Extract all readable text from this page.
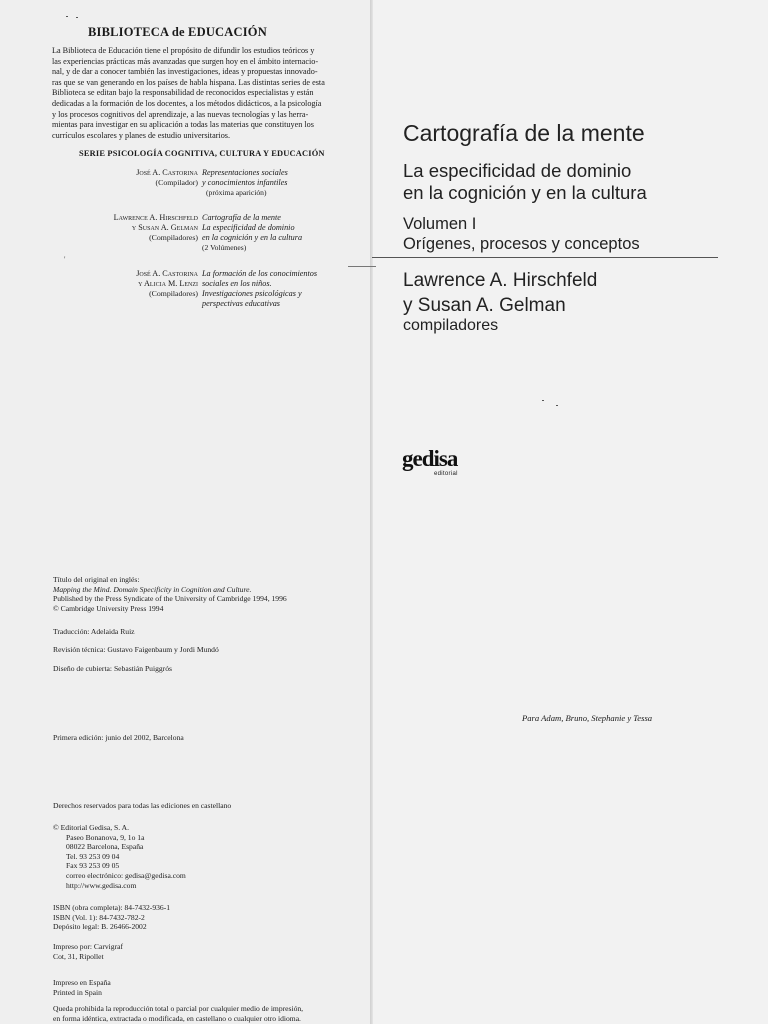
BIBLIOTECA de EDUCACIÓN
La Biblioteca de Educación tiene el propósito de difundir los estudios teóricos y
las experiencias prácticas más avanzadas que surgen hoy en el ámbito internacio-
nal, y de dar a conocer también las investigaciones, ideas y propuestas innovado-
ras que se van generando en los países de habla hispana. Las distintas series de esta
Biblioteca se editan bajo la responsabilidad de reconocidos especialistas y están
dedicadas a la formación de los docentes, a los métodos didácticos, a la psicología
y los procesos cognitivos del aprendizaje, a las nuevas tecnologías y las herra-
mientas para investigar en su aplicación a todas las materias que constituyen los
currículos escolares y planes de estudio universitarios.
SERIE PSICOLOGÍA COGNITIVA, CULTURA Y EDUCACIÓN
José A. Castorina
(Compilador)
Representaciones sociales
y conocimientos infantiles
(próxima aparición)
Lawrence A. Hirschfeld
y Susan A. Gelman
(Compiladores)
Cartografía de la mente
La especificidad de dominio
en la cognición y en la cultura
(2 Volúmenes)
'
José A. Castorina
y Alicia M. Lenzi
(Compiladores)
La formación de los conocimientos
sociales en los niños.
Investigaciones psicológicas y
perspectivas educativas
Título del original en inglés:
Mapping the Mind. Domain Specificity in Cognition and Culture.
Published by the Press Syndicate of the University of Cambridge 1994, 1996
© Cambridge University Press 1994
Traducción: Adelaida Ruiz
Revisión técnica: Gustavo Faigenbaum y Jordi Mundó
Diseño de cubierta: Sebastián Puiggrós
Primera edición: junio del 2002, Barcelona
Derechos reservados para todas las ediciones en castellano
© Editorial Gedisa, S. A.
Paseo Bonanova, 9, 1o 1a
08022 Barcelona, España
Tel. 93 253 09 04
Fax 93 253 09 05
correo electrónico: gedisa@gedisa.com
http://www.gedisa.com
ISBN (obra completa): 84-7432-936-1
ISBN (Vol. 1): 84-7432-782-2
Depósito legal: B. 26466-2002
Impreso por: Carvigraf
Cot, 31, Ripollet
Impreso en España
Printed in Spain
Queda prohibida la reproducción total o parcial por cualquier medio de impresión,
en forma idéntica, extractada o modificada, en castellano o cualquier otro idioma.
Cartografía de la mente
La especificidad de dominio
en la cognición y en la cultura
Volumen I
Orígenes, procesos y conceptos
Lawrence A. Hirschfeld
y Susan A. Gelman
compiladores
gedisa
editorial
Para Adam, Bruno, Stephanie y Tessa
